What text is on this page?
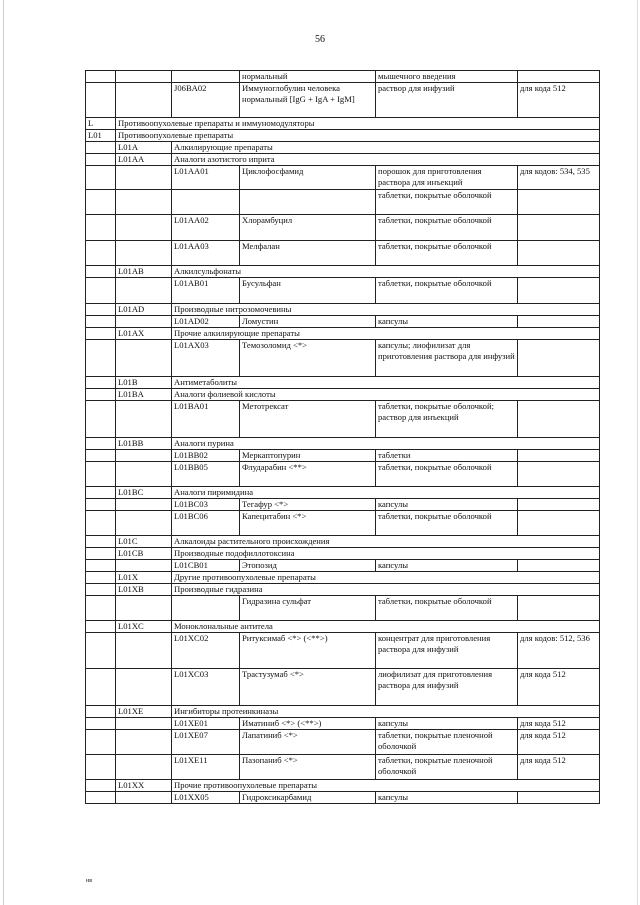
56
			нормальный	мышечного введения	
		J06BA02	Иммуноглобулин человека нормальный [IgG + IgA + IgM]	раствор для инфузий	для кода 512
L	Противоопухолевые препараты и иммуномодуляторы				
L01	Противоопухолевые препараты				
	L01A	Алкилирующие препараты			
	L01AA	Аналоги азотистого иприта			
		L01AA01	Циклофосфамид	порошок для приготовления раствора для инъекций	для кодов: 534, 535
				таблетки, покрытые оболочкой	
		L01AA02	Хлорамбуцил	таблетки, покрытые оболочкой	
		L01AA03	Мелфалан	таблетки, покрытые оболочкой	
	L01AB	Алкилсульфонаты			
		L01AB01	Бусульфан	таблетки, покрытые оболочкой	
	L01AD	Производные нитрозомочевины			
		L01AD02	Ломустин	капсулы	
	L01AX	Прочие алкилирующие препараты			
		L01AX03	Темозоломид <*>	капсулы; лиофилизат для приготовления раствора для инфузий	
	L01B	Антиметаболиты			
	L01BA	Аналоги фолиевой кислоты			
		L01BA01	Метотрексат	таблетки, покрытые оболочкой; раствор для инъекций	
	L01BB	Аналоги пурина			
		L01BB02	Меркаптопурин	таблетки	
		L01BB05	Флударабин <**>	таблетки, покрытые оболочкой	
	L01BC	Аналоги пиримидина			
		L01BC03	Тегафур <*>	капсулы	
		L01BC06	Капецитабин <*>	таблетки, покрытые оболочкой	
	L01C	Алкалоиды растительного происхождения			
	L01CB	Производные подофиллотоксина			
		L01CB01	Этопозид	капсулы	
	L01X	Другие противоопухолевые препараты			
	L01XB	Производные гидразина			
			Гидразина сульфат	таблетки, покрытые оболочкой	
	L01XC	Моноклональные антитела			
		L01XC02	Ритуксимаб <*> (<**>)	концентрат для приготовления раствора для инфузий	для кодов: 512, 536
		L01XC03	Трастузумаб <*>	лиофилизат для приготовления раствора для инфузий	для кода 512
	L01XE	Ингибиторы протеинкиназы			
		L01XE01	Иматиниб <*> (<**>)	капсулы	для кода 512
		L01XE07	Лапатиниб <*>	таблетки, покрытые пленочной оболочкой	для кода 512
		L01XE11	Пазопаниб <*>	таблетки, покрытые пленочной оболочкой	для кода 512
	L01XX	Прочие противоопухолевые препараты			
		L01XX05	Гидроксикарбамид	капсулы	
нв
